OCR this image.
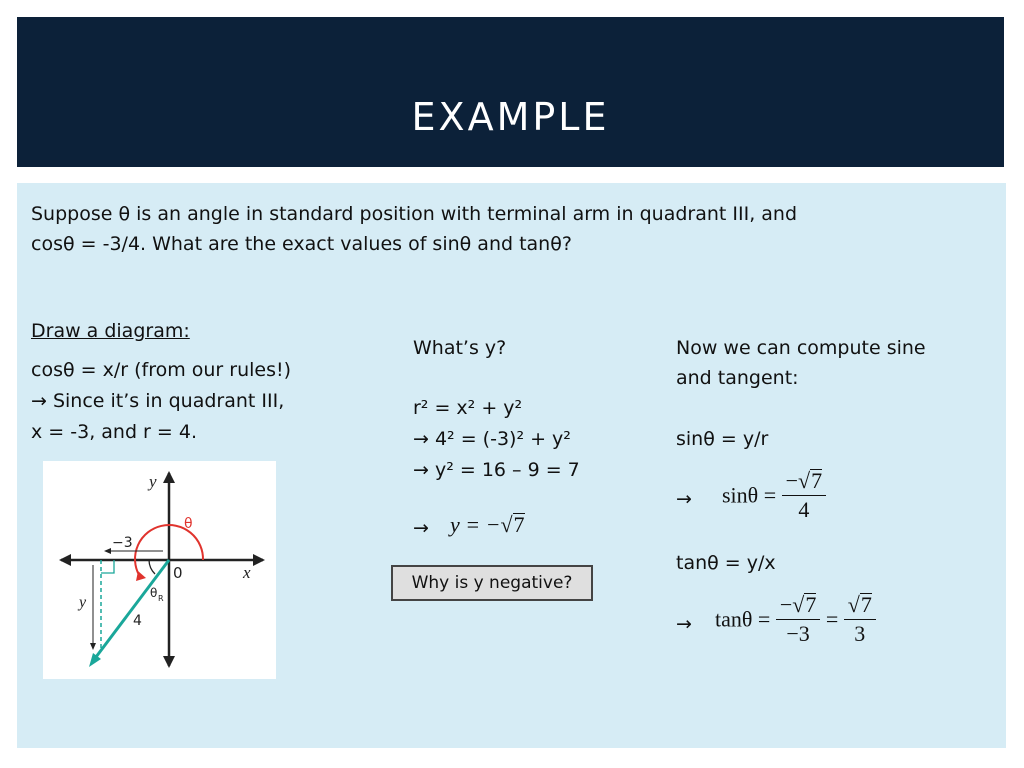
EXAMPLE
Suppose θ is an angle in standard position with terminal arm in quadrant III, and
cosθ = -3/4. What are the exact values of sinθ and tanθ?
Draw a diagram:
cosθ = x/r (from our rules!)
→ Since it’s in quadrant III,
x = -3, and r = 4.
y
x
θ
0
−3
y
4
θ R
What’s y?
r² = x² + y²
→ 4² = (-3)² + y²
→ y² = 16 – 9 = 7
→ y = −√7
Why is y negative?
Now we can compute sine
and tangent:
sinθ = y/r
→ $\sin\theta = \frac{-√7}{4}$
tanθ = y/x
→ $\tan\theta = \frac{-√7}{-3} = \frac{√7}{3}$
